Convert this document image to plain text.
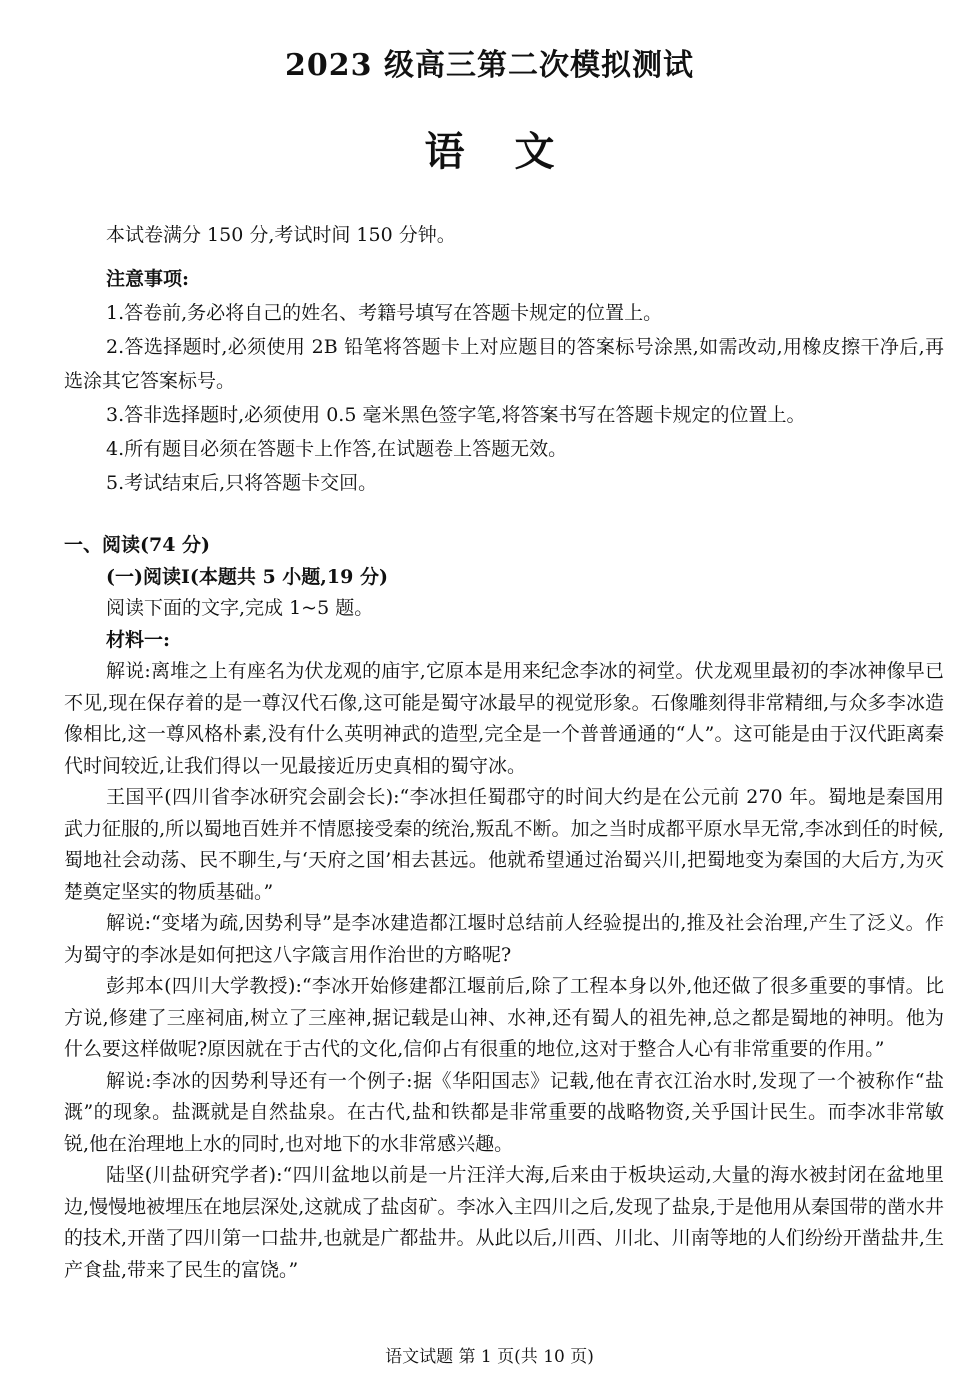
2023 级高三第二次模拟测试
语文
本试卷满分 150 分,考试时间 150 分钟。
注意事项:
1.答卷前,务必将自己的姓名、考籍号填写在答题卡规定的位置上。
2.答选择题时,必须使用 2B 铅笔将答题卡上对应题目的答案标号涂黑,如需改动,用橡皮擦干净后,再选涂其它答案标号。
3.答非选择题时,必须使用 0.5 毫米黑色签字笔,将答案书写在答题卡规定的位置上。
4.所有题目必须在答题卡上作答,在试题卷上答题无效。
5.考试结束后,只将答题卡交回。
一、阅读(74 分)
(一)阅读Ⅰ(本题共 5 小题,19 分)
阅读下面的文字,完成 1~5 题。
材料一:

解说:离堆之上有座名为伏龙观的庙宇,它原本是用来纪念李冰的祠堂。伏龙观里最初的李冰神像早已不见,现在保存着的是一尊汉代石像,这可能是蜀守冰最早的视觉形象。石像雕刻得非常精细,与众多李冰造像相比,这一尊风格朴素,没有什么英明神武的造型,完全是一个普普通通的“人”。这可能是由于汉代距离秦代时间较近,让我们得以一见最接近历史真相的蜀守冰。

王国平(四川省李冰研究会副会长):“李冰担任蜀郡守的时间大约是在公元前 270 年。蜀地是秦国用武力征服的,所以蜀地百姓并不情愿接受秦的统治,叛乱不断。加之当时成都平原水旱无常,李冰到任的时候,蜀地社会动荡、民不聊生,与‘天府之国’相去甚远。他就希望通过治蜀兴川,把蜀地变为秦国的大后方,为灭楚奠定坚实的物质基础。”

解说:“变堵为疏,因势利导”是李冰建造都江堰时总结前人经验提出的,推及社会治理,产生了泛义。作为蜀守的李冰是如何把这八字箴言用作治世的方略呢?

彭邦本(四川大学教授):“李冰开始修建都江堰前后,除了工程本身以外,他还做了很多重要的事情。比方说,修建了三座祠庙,树立了三座神,据记载是山神、水神,还有蜀人的祖先神,总之都是蜀地的神明。他为什么要这样做呢?原因就在于古代的文化,信仰占有很重的地位,这对于整合人心有非常重要的作用。”

解说:李冰的因势利导还有一个例子:据《华阳国志》记载,他在青衣江治水时,发现了一个被称作“盐溉”的现象。盐溉就是自然盐泉。在古代,盐和铁都是非常重要的战略物资,关乎国计民生。而李冰非常敏锐,他在治理地上水的同时,也对地下的水非常感兴趣。

陆坚(川盐研究学者):“四川盆地以前是一片汪洋大海,后来由于板块运动,大量的海水被封闭在盆地里边,慢慢地被埋压在地层深处,这就成了盐卤矿。李冰入主四川之后,发现了盐泉,于是他用从秦国带的凿水井的技术,开凿了四川第一口盐井,也就是广都盐井。从此以后,川西、川北、川南等地的人们纷纷开凿盐井,生产食盐,带来了民生的富饶。”

语文试题 第 1 页(共 10 页)
